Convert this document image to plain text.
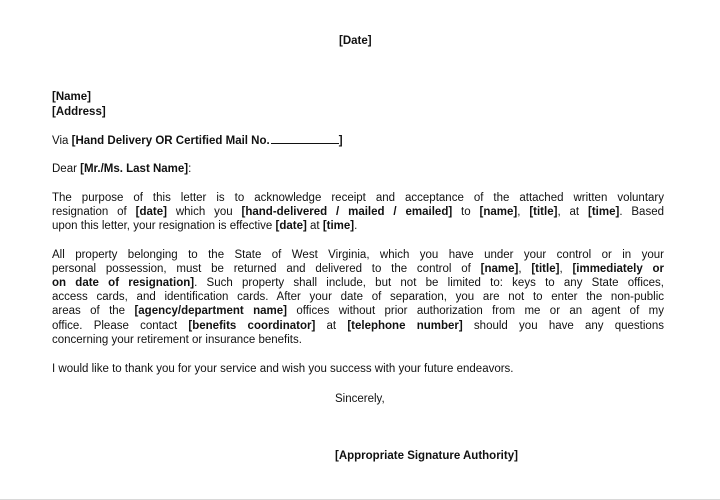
[Date]
[Name]
[Address]
Via [Hand Delivery OR Certified Mail No.	]
Dear [Mr./Ms. Last Name]:
The purpose of this letter is to acknowledge receipt and acceptance of the attached written voluntary
resignation of [date] which you [hand-delivered / mailed / emailed] to [name], [title], at [time]. Based
upon this letter, your resignation is effective [date] at [time].
All property belonging to the State of West Virginia, which you have under your control or in your
personal possession, must be returned and delivered to the control of [name], [title], [immediately or
on date of resignation]. Such property shall include, but not be limited to: keys to any State offices,
access cards, and identification cards. After your date of separation, you are not to enter the non-public
areas of the [agency/department name] offices without prior authorization from me or an agent of my
office. Please contact [benefits coordinator] at [telephone number] should you have any questions
concerning your retirement or insurance benefits.
I would like to thank you for your service and wish you success with your future endeavors.
Sincerely,
[Appropriate Signature Authority]
